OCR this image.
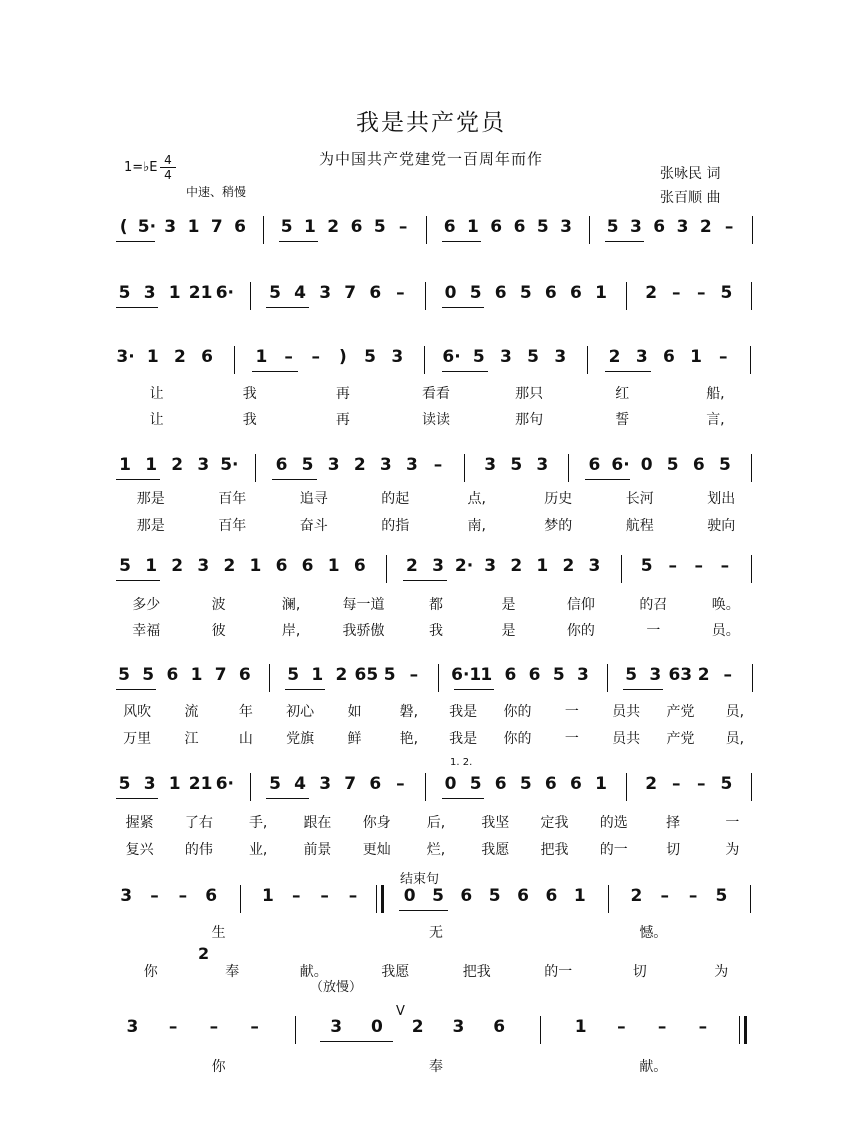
我是共产党员
为中国共产党建党一百周年而作
1=♭E 4
4
中速、稍慢
张咏民 词
张百顺 曲
1. 2.
结束句
（放慢）
V
2
( 5· 3 1 7 6 5 1 2 6 5 –	6 1 6 6 5 3 5 3 6 3 2 –
5 3 1 21 6· 5 4 3 7 6 –	0 5 6 5 6 6 1 2 – – 5
3· 1 2 6 1	–	–	)	5 3 6· 5 3 5 3 2 3 6 1	–
让	我	再	看看	那只	红	船,
让	我	再	读读	那句	誓	言,
1 1 2 3 5· 6 5 3 2 3 3 –	3 5 3 6 6· 0 5 6 5
那是	百年	追寻	的起	点,	历史	长河	划出
那是	百年	奋斗	的指	南,	梦的	航程	驶向
5 1 2 3 2 1 6 6 1 6 2 3 2· 3 2 1 2 3 5 –	–	–
多少	波	澜,	每一道	都	是	信仰	的召	唤。
幸福	彼	岸,	我骄傲	我	是	你的	一	员。
5 5 6 1 7 6 5 1 2 65 5 –	6·1 1 6 6 5 3 5 3 63 2 –
风吹	流	年	初心	如	磐,	我是	你的	一	员共	产党	员,
万里	江	山	党旗	鲜	艳,	我是	你的	一	员共	产党	员,
5 3 1 21 6· 5 4 3 7 6 –	0 5 6 5 6 6 1 2 – – 5
握紧	了右	手,	跟在	你身	后,	我坚	定我	的选	择	一
复兴	的伟	业,	前景	更灿	烂,	我愿	把我	的一	切	为
3	–	–	6	1	–	–	–	0 5 6 5 6 6 1	2	–	–	5
生	无	憾。
你	奉	献。	我愿	把我	的一	切	为
3	–	–	–	3 0 2 3 6	1	–	–	–
你	奉	献。
